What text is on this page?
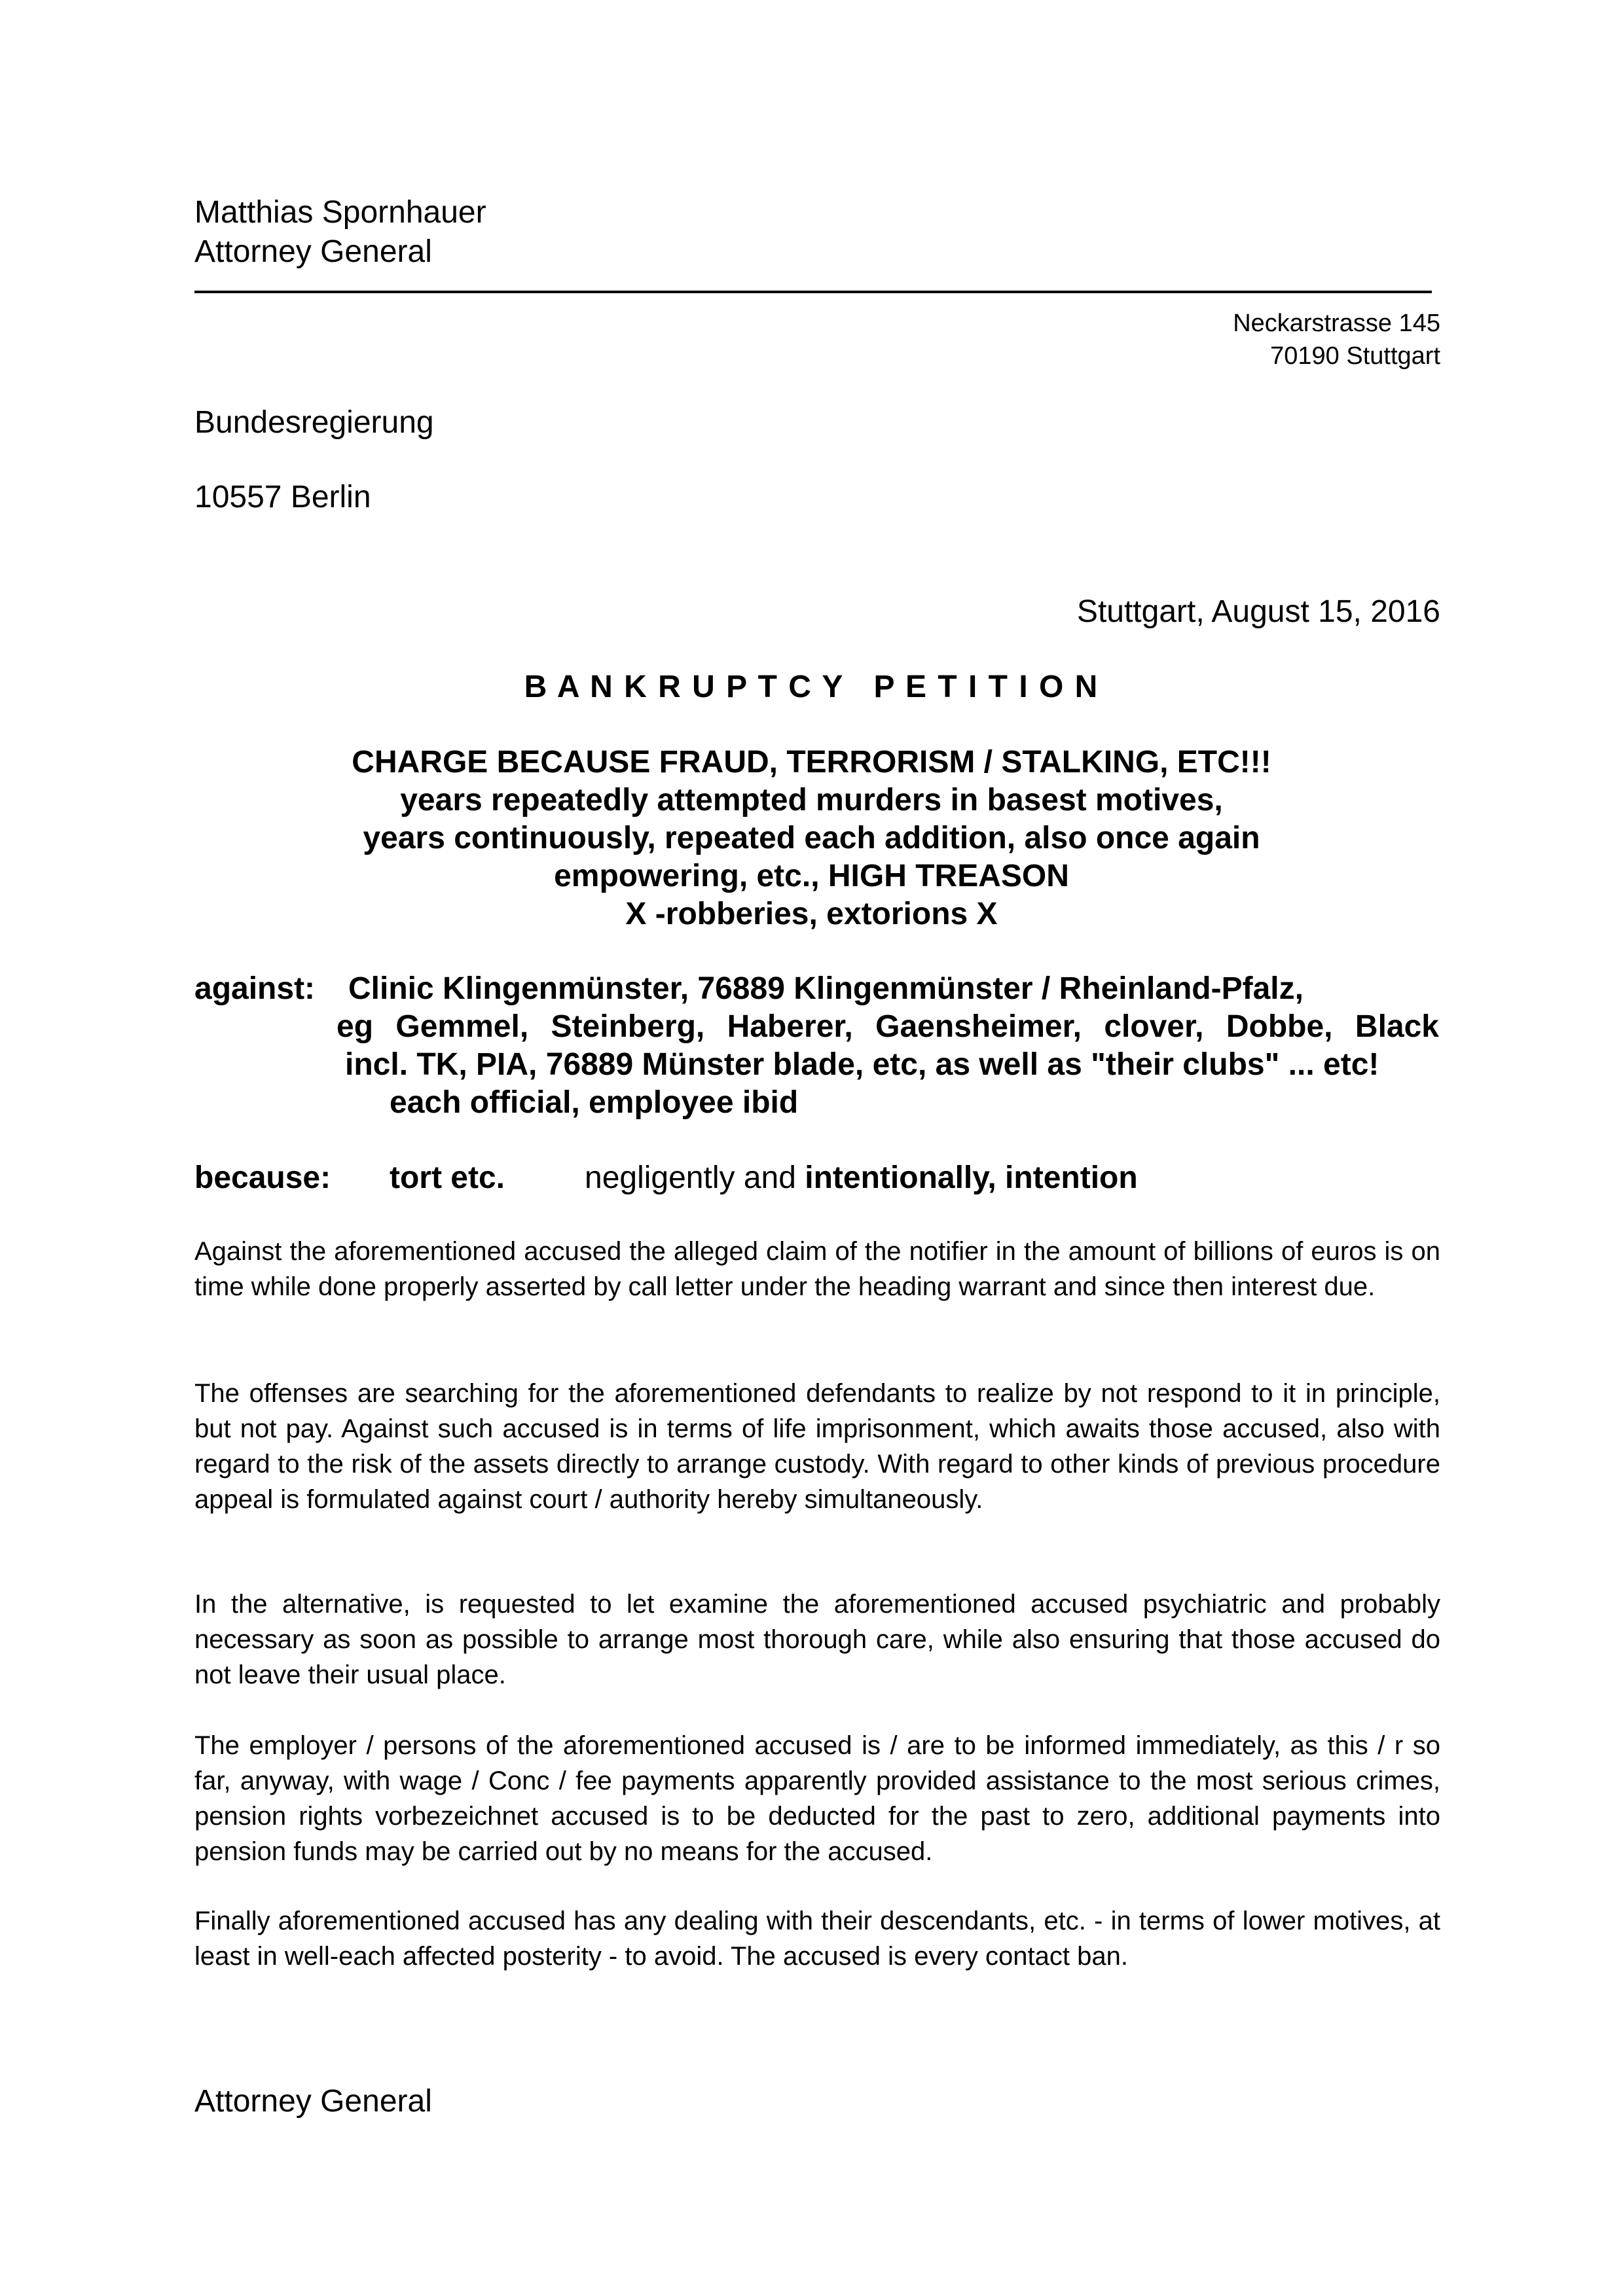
Matthias Spornhauer
Attorney General
Neckarstrasse 145
70190 Stuttgart
Bundesregierung
10557 Berlin
Stuttgart, August 15, 2016
B A N K R U P T C Y   P E T I T I O N
CHARGE BECAUSE FRAUD, TERRORISM / STALKING, ETC!!!
years repeatedly attempted murders in basest motives,
years continuously, repeated each addition, also once again
empowering, etc., HIGH TREASON
X -robberies, extorions X
against: Clinic Klingenmünster, 76889 Klingenmünster / Rheinland-Pfalz,
eg Gemmel, Steinberg, Haberer, Gaensheimer, clover, Dobbe, Black
incl. TK, PIA, 76889 Münster blade, etc, as well as "their clubs" ... etc!
each official, employee ibid
because: tort etc.	negligently and intentionally, intention
Against the aforementioned accused the alleged claim of the notifier in the amount of billions of euros is on time while done properly asserted by call letter under the heading warrant and since then interest due.
The offenses are searching for the aforementioned defendants to realize by not respond to it in principle, but not pay. Against such accused is in terms of life imprisonment, which awaits those accused, also with regard to the risk of the assets directly to arrange custody. With regard to other kinds of previous procedure appeal is formulated against court / authority hereby simultaneously.
In the alternative, is requested to let examine the aforementioned accused psychiatric and probably necessary as soon as possible to arrange most thorough care, while also ensuring that those accused do not leave their usual place.
The employer / persons of the aforementioned accused is / are to be informed immediately, as this / r so far, anyway, with wage / Conc / fee payments apparently provided assistance to the most serious crimes, pension rights vorbezeichnet accused is to be deducted for the past to zero, additional payments into pension funds may be carried out by no means for the accused.
Finally aforementioned accused has any dealing with their descendants, etc. - in terms of lower motives, at least in well-each affected posterity - to avoid. The accused is every contact ban.
Attorney General
